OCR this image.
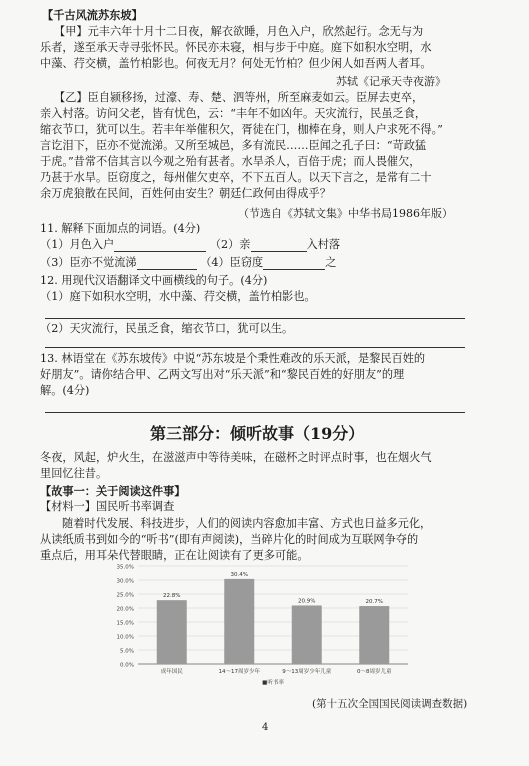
【千古风流苏东坡】
【甲】元丰六年十月十二日夜，解衣欲睡，月色入户，欣然起行。念无与为
乐者，遂至承天寺寻张怀民。怀民亦未寝，相与步于中庭。庭下如积水空明，水
中藻、荇交横，盖竹柏影也。何夜无月？何处无竹柏？但少闲人如吾两人者耳。
苏轼《记承天寺夜游》
【乙】臣自颍移扬，过濠、寿、楚、泗等州，所至麻麦如云。臣屏去吏卒，
亲入村落。访问父老，皆有忧色，云：“丰年不如凶年。天灾流行，民虽乏食，
缩衣节口，犹可以生。若丰年举催积欠，胥徒在门，枷棒在身，则人户求死不得。”
言讫泪下，臣亦不觉流涕。又所至城邑，多有流民……臣闻之孔子曰：“苛政猛
于虎。”昔常不信其言以今观之殆有甚者。水旱杀人，百倍于虎；而人畏催欠，
乃甚于水旱。臣窃度之，每州催欠吏卒，不下五百人。以天下言之，是常有二十
余万虎狼散在民间，百姓何由安生？朝廷仁政何由得成乎？
（节选自《苏轼文集》中华书局1986年版）
11. 解释下面加点的词语。(4分)
（1）月色入户	（2）亲	入村落
（3）臣亦不觉流涕	（4）臣窃度	之
12. 用现代汉语翻译文中画横线的句子。(4分)
（1）庭下如积水空明，水中藻、荇交横，盖竹柏影也。
（2）天灾流行，民虽乏食，缩衣节口，犹可以生。
13. 林语堂在《苏东坡传》中说“苏东坡是个秉性难改的乐天派，是黎民百姓的
好朋友”。请你结合甲、乙两文写出对“乐天派”和“黎民百姓的好朋友”的理
解。(4分)
第三部分：倾听故事（19分）
冬夜，风起，炉火生，在滋滋声中等待美味，在磁杯之时评点时事，也在烟火气
里回忆往昔。
【故事一：关于阅读这件事】
【材料一】国民听书率调查
随着时代发展、科技进步，人们的阅读内容愈加丰富、方式也日益多元化，
从读纸质书到如今的“听书”(即有声阅读)，当碎片化的时间成为互联网争夺的
重点后，用耳朵代替眼睛，正在让阅读有了更多可能。
0.0%
5.0%
10.0%
15.0%
20.0%
25.0%
30.0%
35.0%
22.8%
成年国民
30.4%
14～17周岁少年
20.9%
9～13周岁少年儿童
20.7%
0～8周岁儿童
■听书率
(第十五次全国国民阅读调查数据)
4
